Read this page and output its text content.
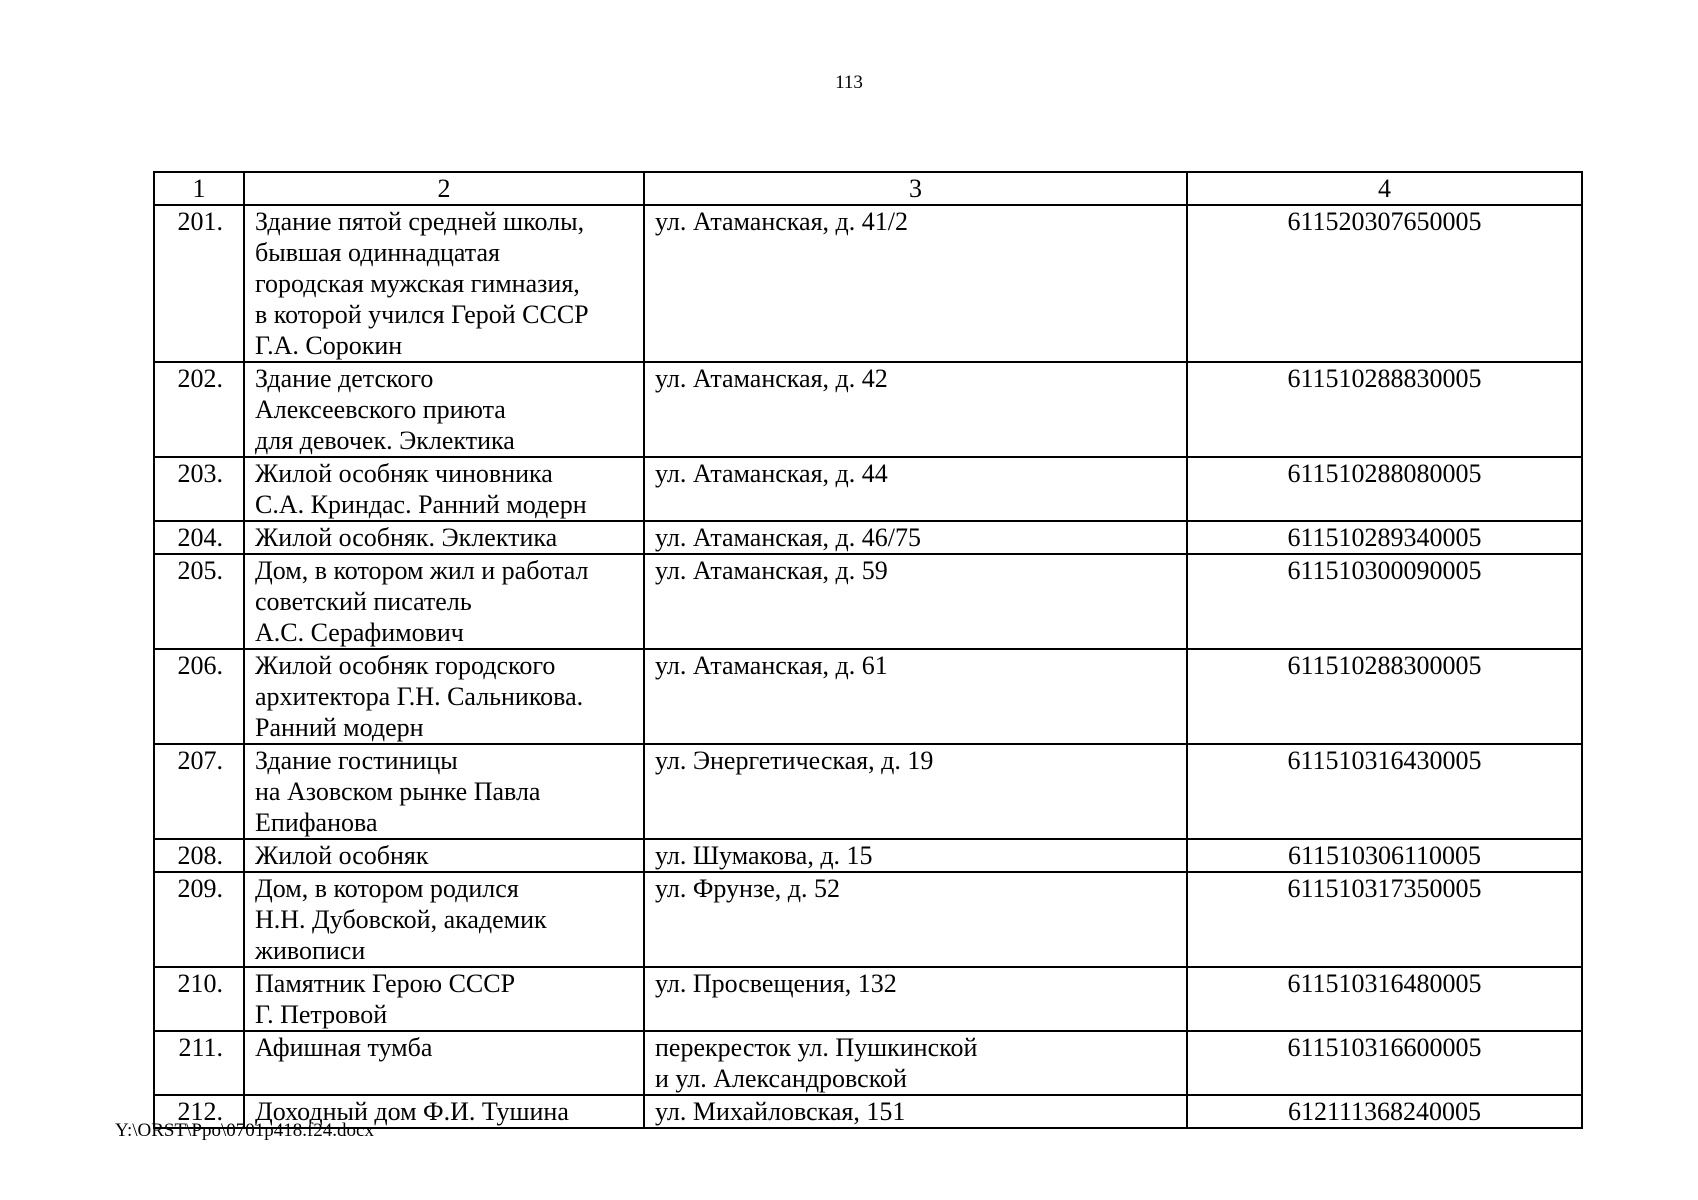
113
1	2	3	4
201.	Здание пятой средней школы,
бывшая одиннадцатая
городская мужская гимназия,
в которой учился Герой СССР
Г.А. Сорокин	ул. Атаманская, д. 41/2	611520307650005
202.	Здание детского
Алексеевского приюта
для девочек. Эклектика	ул. Атаманская, д. 42	611510288830005
203.	Жилой особняк чиновника
С.А. Криндас. Ранний модерн	ул. Атаманская, д. 44	611510288080005
204.	Жилой особняк. Эклектика	ул. Атаманская, д. 46/75	611510289340005
205.	Дом, в котором жил и работал
советский писатель
А.С. Серафимович	ул. Атаманская, д. 59	611510300090005
206.	Жилой особняк городского
архитектора Г.Н. Сальникова.
Ранний модерн	ул. Атаманская, д. 61	611510288300005
207.	Здание гостиницы
на Азовском рынке Павла
Епифанова	ул. Энергетическая, д. 19	611510316430005
208.	Жилой особняк	ул. Шумакова, д. 15	611510306110005
209.	Дом, в котором родился
Н.Н. Дубовской, академик
живописи	ул. Фрунзе, д. 52	611510317350005
210.	Памятник Герою СССР
Г. Петровой	ул. Просвещения, 132	611510316480005
211.	Афишная тумба	перекресток ул. Пушкинской
и ул. Александровской	611510316600005
212.	Доходный дом Ф.И. Тушина	ул. Михайловская, 151	612111368240005
Y:\ORST\Ppo\0701p418.f24.docx
